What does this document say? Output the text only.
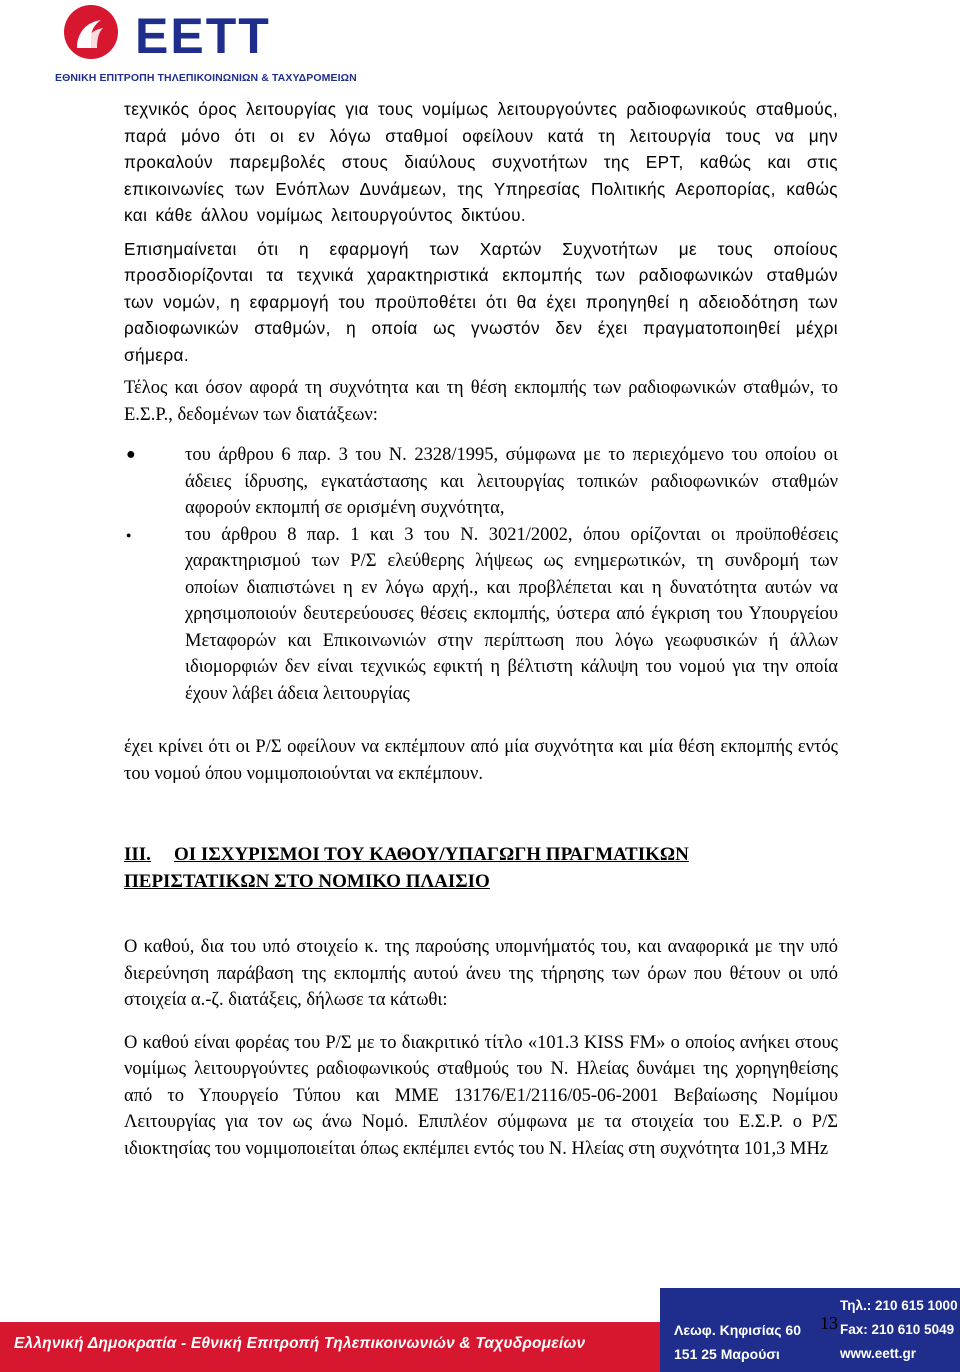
ΕΕΤΤ
ΕΘΝΙΚΗ ΕΠΙΤΡΟΠΗ ΤΗΛΕΠΙΚΟΙΝΩΝΙΩΝ & ΤΑΧΥΔΡΟΜΕΙΩΝ

τεχνικός όρος λειτουργίας για τους νομίμως λειτουργούντες ραδιοφωνικούς σταθμούς, παρά μόνο ότι οι εν λόγω σταθμοί οφείλουν κατά τη λειτουργία τους να μην προκαλούν παρεμβολές στους διαύλους συχνοτήτων της ΕΡΤ, καθώς και στις επικοινωνίες των Ενόπλων Δυνάμεων, της Υπηρεσίας Πολιτικής Αεροπορίας, καθώς και κάθε άλλου νομίμως λειτουργούντος δικτύου.

Επισημαίνεται ότι η εφαρμογή των Χαρτών Συχνοτήτων με τους οποίους προσδιορίζονται τα τεχνικά χαρακτηριστικά εκπομπής των ραδιοφωνικών σταθμών των νομών, η εφαρμογή του προϋποθέτει ότι θα έχει προηγηθεί η αδειοδότηση των ραδιοφωνικών σταθμών, η οποία ως γνωστόν δεν έχει πραγματοποιηθεί μέχρι σήμερα.

Τέλος και όσον αφορά τη συχνότητα και τη θέση εκπομπής των ραδιοφωνικών σταθμών, το Ε.Σ.Ρ., δεδομένων των διατάξεων:

●	του άρθρου 6 παρ. 3 του Ν. 2328/1995, σύμφωνα με το περιεχόμενο του οποίου οι άδειες ίδρυσης, εγκατάστασης και λειτουργίας τοπικών ραδιοφωνικών σταθμών αφορούν εκπομπή σε ορισμένη συχνότητα,

●	του άρθρου 8 παρ. 1 και 3 του Ν. 3021/2002, όπου ορίζονται οι προϋποθέσεις χαρακτηρισμού των Ρ/Σ ελεύθερης λήψεως ως ενημερωτικών, τη συνδρομή των οποίων διαπιστώνει η εν λόγω αρχή., και προβλέπεται και η δυνατότητα αυτών να χρησιμοποιούν δευτερεύουσες θέσεις εκπομπής, ύστερα από έγκριση του Υπουργείου Μεταφορών και Επικοινωνιών στην περίπτωση που λόγω γεωφυσικών ή άλλων ιδιομορφιών δεν είναι τεχνικώς εφικτή η βέλτιστη κάλυψη του νομού για την οποία έχουν λάβει άδεια λειτουργίας

έχει κρίνει ότι οι Ρ/Σ οφείλουν να εκπέμπουν από μία συχνότητα και μία θέση εκπομπής εντός του νομού όπου νομιμοποιούνται να εκπέμπουν.

III.	ΟΙ ΙΣΧΥΡΙΣΜΟΙ ΤΟΥ ΚΑΘΟΥ/ΥΠΑΓΩΓΗ ΠΡΑΓΜΑΤΙΚΩΝ

ΠΕΡΙΣΤΑΤΙΚΩΝ ΣΤΟ ΝΟΜΙΚΟ ΠΛΑΙΣΙΟ

Ο καθού, δια του υπό στοιχείο κ. της παρούσης υπομνήματός του, και αναφορικά με την υπό διερεύνηση παράβαση της εκπομπής αυτού άνευ της τήρησης των όρων που θέτουν οι υπό στοιχεία α.-ζ. διατάξεις, δήλωσε τα κάτωθι:

Ο καθού είναι φορέας του Ρ/Σ με το διακριτικό τίτλο «101.3 KISS FM» ο οποίος ανήκει στους νομίμως λειτουργούντες ραδιοφωνικούς σταθμούς του Ν. Ηλείας δυνάμει της χορηγηθείσης από το Υπουργείο Τύπου και ΜΜΕ 13176/Ε1/2116/05-06-2001 Βεβαίωσης Νομίμου Λειτουργίας για τον ως άνω Νομό. Επιπλέον σύμφωνα με τα στοιχεία του Ε.Σ.Ρ. ο Ρ/Σ ιδιοκτησίας του νομιμοποιείται όπως εκπέμπει εντός του Ν. Ηλείας στη συχνότητα 101,3 MHz

Ελληνική Δημοκρατία - Εθνική Επιτροπή Τηλεπικοινωνιών & Ταχυδρομείων
Λεωφ. Κηφισίας 60
151 25 Μαρούσι
Τηλ.: 210 615 1000
Fax: 210 610 5049
www.eett.gr
13
